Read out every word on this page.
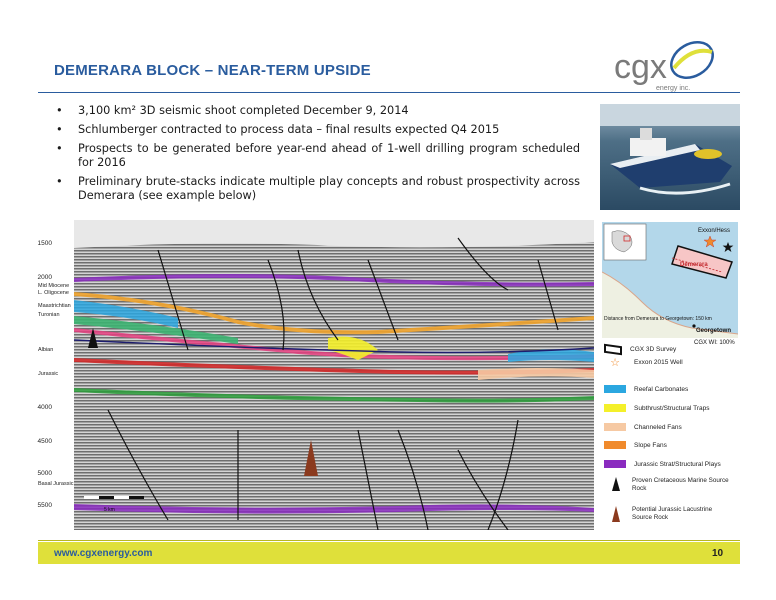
DEMERARA BLOCK – NEAR-TERM UPSIDE	cgx
energy inc.
• 3,100 km² 3D seismic shoot completed December 9, 2014
• Schlumberger contracted to process data – final results expected Q4 2015
• Prospects to be generated before year-end ahead of 1-well drilling program scheduled for 2016
• Preliminary brute-stacks indicate multiple play concepts and robust prospectivity across Demerara (see example below)
5 km
1500
2000
4000
4500
5000
5500
Mid Miocene
L. Oligocene
Maastrichtian
Turonian
Albian
Jurassic
Basal Jurassic
Demerara
Exxon/Hess
Distance from Demerara to Georgetown: 150 km
Georgetown
CGX WI: 100%
CGX 3D Survey
☆	Exxon 2015 Well
Reefal Carbonates
Subthrust/Structural Traps
Channeled Fans
Slope Fans
Jurassic Strat/Structural Plays
Proven Cretaceous Marine Source Rock
Potential Jurassic Lacustrine Source Rock
www.cgxenergy.com	10
